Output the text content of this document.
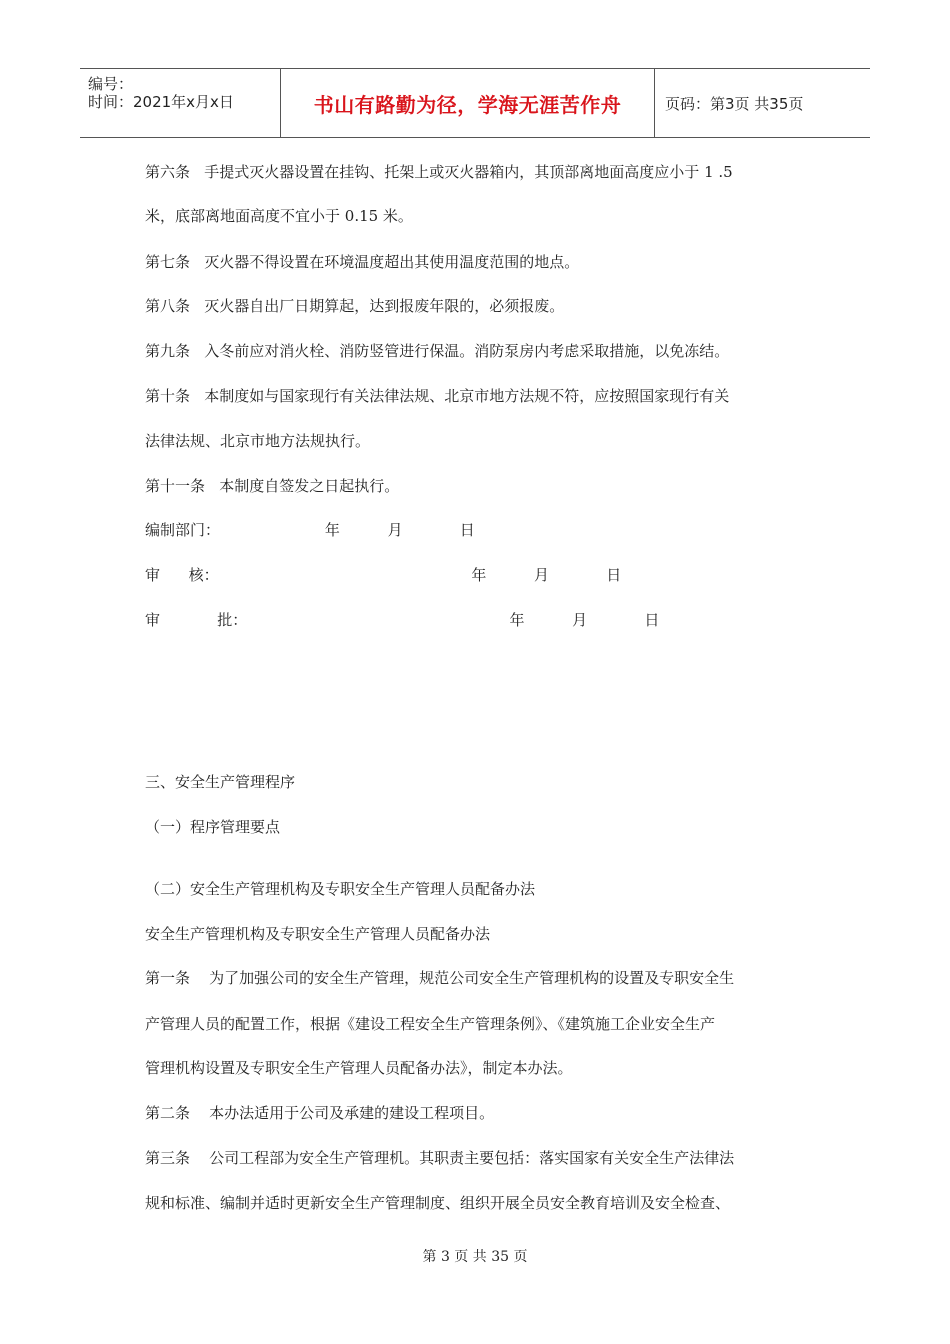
编号：
时间：2021年x月x日	书山有路勤为径，学海无涯苦作舟	页码：第3页 共35页
第六条   手提式灭火器设置在挂钩、托架上或灭火器箱内，其顶部离地面高度应小于 1 .5
米，底部离地面高度不宜小于 0.15 米。
第七条   灭火器不得设置在环境温度超出其使用温度范围的地点。
第八条   灭火器自出厂日期算起，达到报废年限的，必须报废。
第九条   入冬前应对消火栓、消防竖管进行保温。消防泵房内考虑采取措施，以免冻结。
第十条   本制度如与国家现行有关法律法规、北京市地方法规不符，应按照国家现行有关
法律法规、北京市地方法规执行。
第十一条   本制度自签发之日起执行。
编制部门：                      年          月            日
审      核：                                                     年          月            日
审            批：                                                       年          月            日
三、安全生产管理程序
（一）程序管理要点
（二）安全生产管理机构及专职安全生产管理人员配备办法
安全生产管理机构及专职安全生产管理人员配备办法
第一条    为了加强公司的安全生产管理，规范公司安全生产管理机构的设置及专职安全生
产管理人员的配置工作，根据《建设工程安全生产管理条例》、《建筑施工企业安全生产
管理机构设置及专职安全生产管理人员配备办法》，制定本办法。
第二条    本办法适用于公司及承建的建设工程项目。
第三条    公司工程部为安全生产管理机。其职责主要包括：落实国家有关安全生产法律法
规和标准、编制并适时更新安全生产管理制度、组织开展全员安全教育培训及安全检查、
第 3 页 共 35 页
